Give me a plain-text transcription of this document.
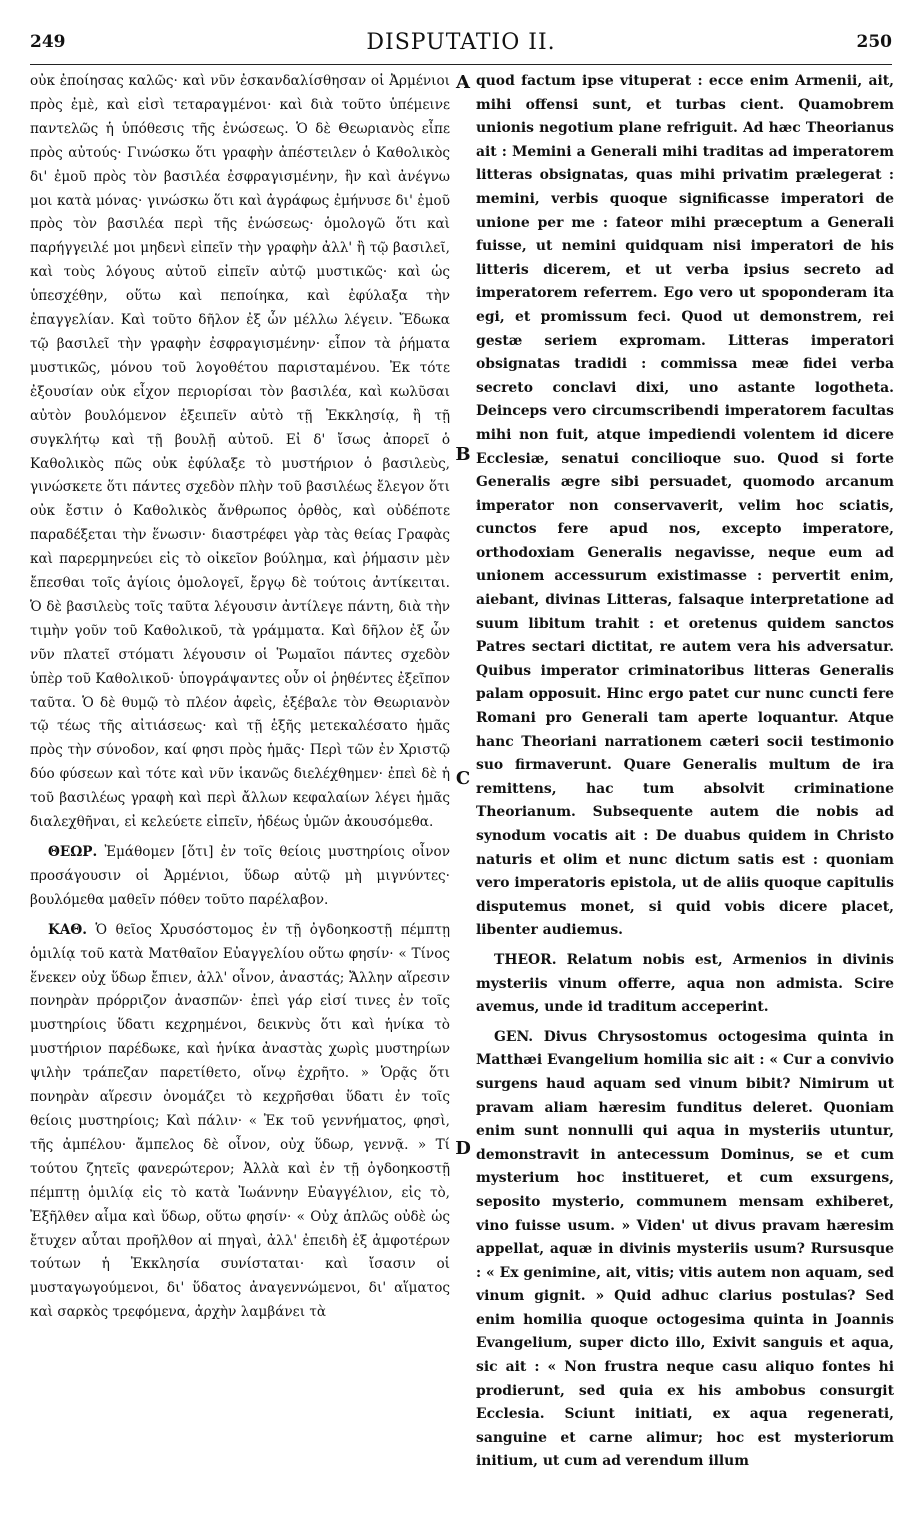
249	DISPUTATIO II.	250

οὐκ ἐποίησας καλῶς· καὶ νῦν ἐσκανδαλίσθησαν οἱ Ἀρμένιοι πρὸς ἐμὲ, καὶ εἰσὶ τεταραγμένοι· καὶ διὰ τοῦτο ὑπέμεινε παντελῶς ἡ ὑπόθεσις τῆς ἑνώσεως. Ὁ δὲ Θεωριανὸς εἶπε πρὸς αὐτούς· Γινώσκω ὅτι γραφὴν ἀπέστειλεν ὁ Καθολικὸς δι' ἐμοῦ πρὸς τὸν βασιλέα ἐσφραγισμένην, ἣν καὶ ἀνέγνω μοι κατὰ μόνας· γινώσκω ὅτι καὶ ἀγράφως ἐμήνυσε δι' ἐμοῦ πρὸς τὸν βασιλέα περὶ τῆς ἑνώσεως· ὁμολογῶ ὅτι καὶ παρήγγειλέ μοι μηδενὶ εἰπεῖν τὴν γραφὴν ἀλλ' ἢ τῷ βασιλεῖ, καὶ τοὺς λόγους αὐτοῦ εἰπεῖν αὐτῷ μυστικῶς· καὶ ὡς ὑπεσχέθην, οὕτω καὶ πεποίηκα, καὶ ἐφύλαξα τὴν ἐπαγγελίαν. Καὶ τοῦτο δῆλον ἐξ ὧν μέλλω λέγειν. Ἔδωκα τῷ βασιλεῖ τὴν γραφὴν ἐσφραγισμένην· εἶπον τὰ ῥήματα μυστικῶς, μόνου τοῦ λογοθέτου παρισταμένου. Ἐκ τότε ἐξουσίαν οὐκ εἶχον περιορίσαι τὸν βασιλέα, καὶ κωλῦσαι αὐτὸν βουλόμενον ἐξειπεῖν αὐτὸ τῇ Ἐκκλησίᾳ, ἢ τῇ συγκλήτῳ καὶ τῇ βουλῇ αὐτοῦ. Εἰ δ' ἴσως ἀπορεῖ ὁ Καθολικὸς πῶς οὐκ ἐφύλαξε τὸ μυστήριον ὁ βασιλεὺς, γινώσκετε ὅτι πάντες σχεδὸν πλὴν τοῦ βασιλέως ἔλεγον ὅτι οὐκ ἔστιν ὁ Καθολικὸς ἄνθρωπος ὀρθὸς, καὶ οὐδέποτε παραδέξεται τὴν ἕνωσιν· διαστρέφει γὰρ τὰς θείας Γραφὰς καὶ παρερμηνεύει εἰς τὸ οἰκεῖον βούλημα, καὶ ῥήμασιν μὲν ἔπεσθαι τοῖς ἁγίοις ὁμολογεῖ, ἔργῳ δὲ τούτοις ἀντίκειται. Ὁ δὲ βασιλεὺς τοῖς ταῦτα λέγουσιν ἀντίλεγε πάντη, διὰ τὴν τιμὴν γοῦν τοῦ Καθολικοῦ, τὰ γράμματα. Καὶ δῆλον ἐξ ὧν νῦν πλατεῖ στόματι λέγουσιν οἱ Ῥωμαῖοι πάντες σχεδὸν ὑπὲρ τοῦ Καθολικοῦ· ὑπογράψαντες οὖν οἱ ῥηθέντες ἐξεῖπον ταῦτα. Ὁ δὲ θυμῷ τὸ πλέον ἀφεὶς, ἐξέβαλε τὸν Θεωριανὸν τῷ τέως τῆς αἰτιάσεως· καὶ τῇ ἑξῆς μετεκαλέσατο ἡμᾶς πρὸς τὴν σύνοδον, καί φησι πρὸς ἡμᾶς· Περὶ τῶν ἐν Χριστῷ δύο φύσεων καὶ τότε καὶ νῦν ἱκανῶς διελέχθημεν· ἐπεὶ δὲ ἡ τοῦ βασιλέως γραφὴ καὶ περὶ ἄλλων κεφαλαίων λέγει ἡμᾶς διαλεχθῆναι, εἰ κελεύετε εἰπεῖν, ἡδέως ὑμῶν ἀκουσόμεθα.

ΘΕΩΡ. Ἐμάθομεν [ὅτι] ἐν τοῖς θείοις μυστηρίοις οἶνον προσάγουσιν οἱ Ἀρμένιοι, ὕδωρ αὐτῷ μὴ μιγνύντες· βουλόμεθα μαθεῖν πόθεν τοῦτο παρέλαβον.

ΚΑΘ. Ὁ θεῖος Χρυσόστομος ἐν τῇ ὀγδοηκοστῇ πέμπτῃ ὁμιλίᾳ τοῦ κατὰ Ματθαῖον Εὐαγγελίου οὕτω φησίν· « Τίνος ἕνεκεν οὐχ ὕδωρ ἔπιεν, ἀλλ' οἶνον, ἀναστάς; Ἄλλην αἵρεσιν πονηρὰν πρόρριζον ἀνασπῶν· ἐπεὶ γάρ εἰσί τινες ἐν τοῖς μυστηρίοις ὕδατι κεχρημένοι, δεικνὺς ὅτι καὶ ἡνίκα τὸ μυστήριον παρέδωκε, καὶ ἡνίκα ἀναστὰς χωρὶς μυστηρίων ψιλὴν τράπεζαν παρετίθετο, οἴνῳ ἐχρῆτο. » Ὁρᾷς ὅτι πονηρὰν αἵρεσιν ὀνομάζει τὸ κεχρῆσθαι ὕδατι ἐν τοῖς θείοις μυστηρίοις; Καὶ πάλιν· « Ἐκ τοῦ γεννήματος, φησὶ, τῆς ἀμπέλου· ἄμπελος δὲ οἶνον, οὐχ ὕδωρ, γεννᾷ. » Τί τούτου ζητεῖς φανερώτερον; Ἀλλὰ καὶ ἐν τῇ ὀγδοηκοστῇ πέμπτῃ ὁμιλίᾳ εἰς τὸ κατὰ Ἰωάννην Εὐαγγέλιον, εἰς τὸ, Ἐξῆλθεν αἷμα καὶ ὕδωρ, οὕτω φησίν· « Οὐχ ἁπλῶς οὐδὲ ὡς ἔτυχεν αὗται προῆλθον αἱ πηγαὶ, ἀλλ' ἐπειδὴ ἐξ ἀμφοτέρων τούτων ἡ Ἐκκλησία συνίσταται· καὶ ἴσασιν οἱ μυσταγωγούμενοι, δι' ὕδατος ἀναγεννώμενοι, δι' αἵματος καὶ σαρκὸς τρεφόμενα, ἀρχὴν λαμβάνει τὰ

A
B
C
D

quod factum ipse vituperat : ecce enim Armenii, ait, mihi offensi sunt, et turbas cient. Quamobrem unionis negotium plane refriguit. Ad hæc Theorianus ait : Memini a Generali mihi traditas ad imperatorem litteras obsignatas, quas mihi privatim prælegerat : memini, verbis quoque significasse imperatori de unione per me : fateor mihi præceptum a Generali fuisse, ut nemini quidquam nisi imperatori de his litteris dicerem, et ut verba ipsius secreto ad imperatorem referrem. Ego vero ut spoponderam ita egi, et promissum feci. Quod ut demonstrem, rei gestæ seriem expromam. Litteras imperatori obsignatas tradidi : commissa meæ fidei verba secreto conclavi dixi, uno astante logotheta. Deinceps vero circumscribendi imperatorem facultas mihi non fuit, atque impediendi volentem id dicere Ecclesiæ, senatui concilioque suo. Quod si forte Generalis ægre sibi persuadet, quomodo arcanum imperator non conservaverit, velim hoc sciatis, cunctos fere apud nos, excepto imperatore, orthodoxiam Generalis negavisse, neque eum ad unionem accessurum existimasse : pervertit enim, aiebant, divinas Litteras, falsaque interpretatione ad suum libitum trahit : et oretenus quidem sanctos Patres sectari dictitat, re autem vera his adversatur. Quibus imperator criminatoribus litteras Generalis palam opposuit. Hinc ergo patet cur nunc cuncti fere Romani pro Generali tam aperte loquantur. Atque hanc Theoriani narrationem cæteri socii testimonio suo firmaverunt. Quare Generalis multum de ira remittens, hac tum absolvit criminatione Theorianum. Subsequente autem die nobis ad synodum vocatis ait : De duabus quidem in Christo naturis et olim et nunc dictum satis est : quoniam vero imperatoris epistola, ut de aliis quoque capitulis disputemus monet, si quid vobis dicere placet, libenter audiemus.

THEOR. Relatum nobis est, Armenios in divinis mysteriis vinum offerre, aqua non admista. Scire avemus, unde id traditum acceperint.

GEN. Divus Chrysostomus octogesima quinta in Matthæi Evangelium homilia sic ait : « Cur a convivio surgens haud aquam sed vinum bibit? Nimirum ut pravam aliam hæresim funditus deleret. Quoniam enim sunt nonnulli qui aqua in mysteriis utuntur, demonstravit in antecessum Dominus, se et cum mysterium hoc institueret, et cum exsurgens, seposito mysterio, communem mensam exhiberet, vino fuisse usum. » Viden' ut divus pravam hæresim appellat, aquæ in divinis mysteriis usum? Rursusque : « Ex genimine, ait, vitis; vitis autem non aquam, sed vinum gignit. » Quid adhuc clarius postulas? Sed enim homilia quoque octogesima quinta in Joannis Evangelium, super dicto illo, Exivit sanguis et aqua, sic ait : « Non frustra neque casu aliquo fontes hi prodierunt, sed quia ex his ambobus consurgit Ecclesia. Sciunt initiati, ex aqua regenerati, sanguine et carne alimur; hoc est mysteriorum initium, ut cum ad verendum illum
